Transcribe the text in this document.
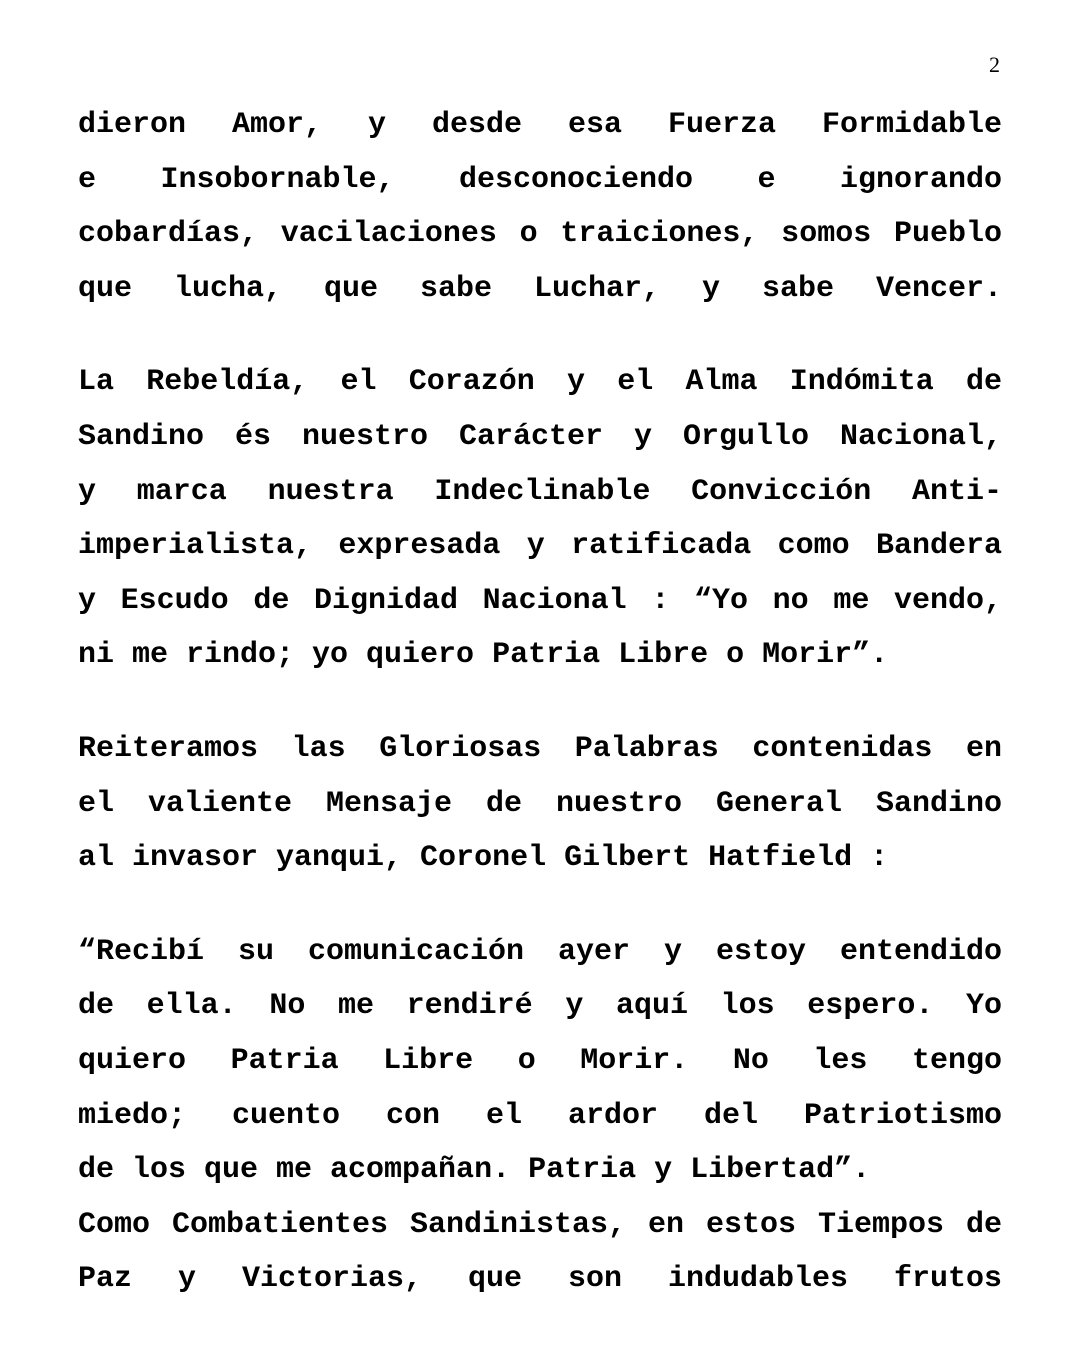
2
dieron Amor, y desde esa Fuerza Formidable
e Insobornable, desconociendo e ignorando
cobardías, vacilaciones o traiciones, somos Pueblo
que lucha, que sabe Luchar, y sabe Vencer.
La Rebeldía, el Corazón y el Alma Indómita de
Sandino és nuestro Carácter y Orgullo Nacional,
y marca nuestra Indeclinable Convicción Anti-
imperialista, expresada y ratificada como Bandera
y Escudo de Dignidad Nacional : “Yo no me vendo,
ni me rindo; yo quiero Patria Libre o Morir”.
Reiteramos las Gloriosas Palabras contenidas en
el valiente Mensaje de nuestro General Sandino
al invasor yanqui, Coronel Gilbert Hatfield :
“Recibí su comunicación ayer y estoy entendido
de ella. No me rendiré y aquí los espero. Yo
quiero Patria Libre o Morir. No les tengo
miedo; cuento con el ardor del Patriotismo
de los que me acompañan. Patria y Libertad”.
Como Combatientes Sandinistas, en estos Tiempos de
Paz y Victorias, que son indudables frutos
